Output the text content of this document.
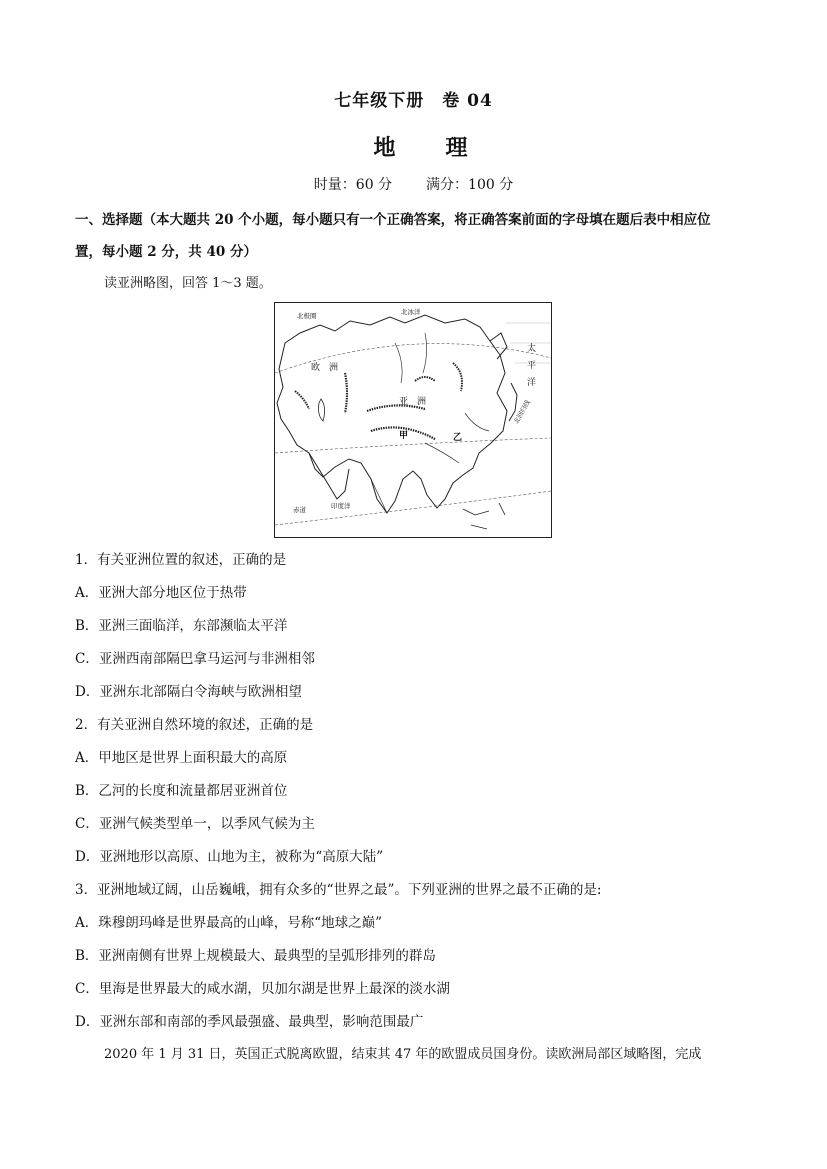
七年级下册　卷 04
地　理
时量：60 分 满分：100 分
一、选择题（本大题共 20 个小题，每小题只有一个正确答案，将正确答案前面的字母填在题后表中相应位
置，每小题 2 分，共 40 分）
读亚洲略图，回答 1～3 题。
北极圈	北冰洋
欧　洲
亚　洲
甲	乙
太平洋
北回归线
印度洋
赤道
1．有关亚洲位置的叙述，正确的是
A．亚洲大部分地区位于热带
B．亚洲三面临洋，东部濒临太平洋
C．亚洲西南部隔巴拿马运河与非洲相邻
D．亚洲东北部隔白令海峡与欧洲相望
2．有关亚洲自然环境的叙述，正确的是
A．甲地区是世界上面积最大的高原
B．乙河的长度和流量都居亚洲首位
C．亚洲气候类型单一，以季风气候为主
D．亚洲地形以高原、山地为主，被称为“高原大陆”
3．亚洲地域辽阔，山岳巍峨，拥有众多的“世界之最”。下列亚洲的世界之最不正确的是:
A．珠穆朗玛峰是世界最高的山峰，号称“地球之巅”
B．亚洲南侧有世界上规模最大、最典型的呈弧形排列的群岛
C．里海是世界最大的咸水湖，贝加尔湖是世界上最深的淡水湖
D．亚洲东部和南部的季风最强盛、最典型，影响范围最广
2020 年 1 月 31 日，英国正式脱离欧盟，结束其 47 年的欧盟成员国身份。读欧洲局部区域略图，完成
